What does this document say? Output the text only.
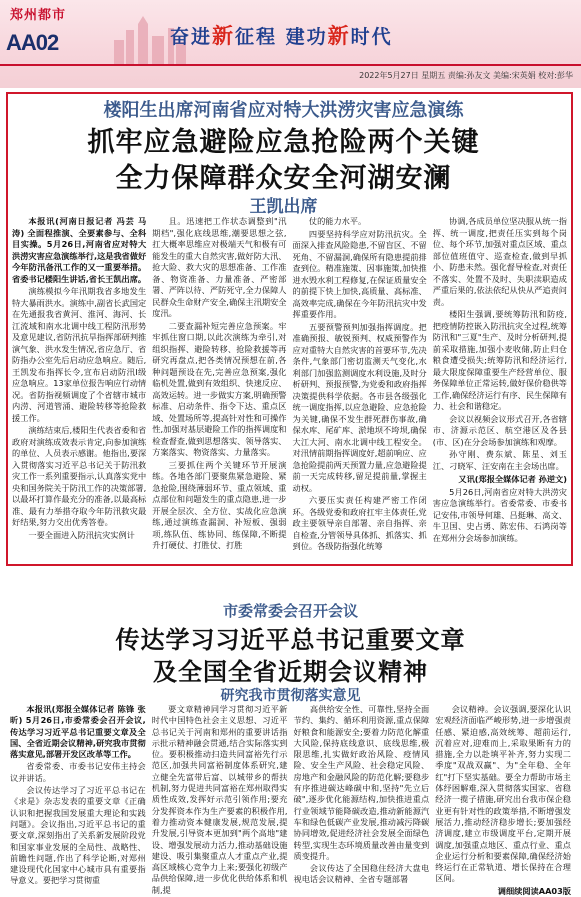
郑州都市
AA02	奋进新征程 建功新时代
2022年5月27日 星期五 责编:孙友文 美编:宋英娟 校对:彭华
楼阳生出席河南省应对特大洪涝灾害应急演练
抓牢应急避险应急抢险两个关键
全力保障群众安全河湖安澜
王凯出席

本报讯(河南日报记者 冯芸 马涛) 全面程推演、全要素参与、全科目实操。5月26日,河南省应对特大洪涝灾害应急演练举行,这是我省做好今年防汛备汛工作的又一重要举措。省委书记楼阳生讲话,省长王凯出席。

演练模拟今年汛期我省多地发生特大暴雨洪水。演练中,副省长武国定在先通报我省黄河、淮河、海河、长江流域和南水北调中线工程防汛形势及意见建议,省防汛抗旱指挥部研判推演气象、洪水发生情况,省应急厅、省防指办公室先后启动应急响应。随后,王凯发布指挥长令,宣布启动防汛Ⅰ级应急响应。13家单位报告响应行动情况。省防指视频调度了个省辖市城市内涝、河道管涌、避险转移等抢险救援工作。

演练结束后,楼阳生代表省委和省政府对演练成效表示肯定,向参加演练的单位、人员表示感谢。他指出,要深入贯彻落实习近平总书记关于防汛救灾工作一系列重要指示,认真落实党中央和国务院关于防汛工作的决策部署,以最坏打算作最充分的准备,以最高标准、最有力举措夺取今年防汛救灾最好结果,努力交出优秀答卷。

一要全面进入防汛抗灾实例计

且。迅速把工作状态调整到"汛期档",强化底线思维,潮要思想之弦,扛大概率思维应对极端天气和极有可能发生的重大自然灾害,做好防大汛、抢大险、救大灾的思想准备、工作准备、物资准备、力量准备、严密部署、严阵以待、严防死守,全力保障人民群众生命财产安全,确保主汛期安全度汛。

二要查漏补短完善应急预案。牢牢抓住窗口期,以此次演练为牵引,对组织指挥、避险转移、抢险救援等再研究再盘点,把各类情况预想在前,各种问题预设在先,完善应急预案,强化临机处置,做到有效组织、快速反应、高效运转。进一步做实方案,明确预警标准、启动条件、指令下达、重点区域、处置场所等,提高针对性和可操作性,加强对基层避险工作的指挥调度和检查督查,做到思想落实、领导落实、方案落实、物资落实、力量落实。

三要抓住两个关键环节开展演练。各地各部门要聚焦紧急避险、紧急抢险,围绕薄弱环节、重点领域、重点部位和问题发生的重点隐患,进一步开展全层次、全方位、实战化应急演练,通过演练查漏洞、补短板、强弱项,练队伍、练协同、练保障,不断提升打硬仗、打胜仗、打胜

仗的能力水平。

四要坚持科学应对防汛抗灾。全面深入排查风险隐患,不留盲区、不留死角、不留漏洞,确保所有隐患提前排查到位。精准施策、因事施策,加快推进水毁水利工程修复,在保证质量安全的前提下快上加快,高质量、高标准、高效率完成,确保在今年防汛抗灾中发挥重要作用。

五要预警预判加强指挥调度。把准确预报、敏锐预判、权威预警作为应对重特大自然灾害的首要环节,先决条件,气象部门密切监测天气变化,水利部门加强监测调度水利设施,及时分析研判、预报预警,为党委和政府指挥决策提供科学依据。各市县各级强化统一调度指挥,以应急避险、应急抢险为关键,确保不发生群死群伤事故,确保水库、尾矿库、淤地坝不垮坝,确保大江大河、南水北调中线工程安全。对汛情前期指挥调度好,超前响应、应急抢险提前两天预置力量,应急避险提前一天完成转移,留足提前量,掌握主动权。

六要压实责任构建严密工作闭环。各级党委和政府扛牢主体责任,党政主要领导亲自部署、亲自指挥、亲自检查,分管领导具体抓、抓落实、抓到位。各级防指强化统筹

协调,各成员单位坚决服从统一指挥、统一调度,把责任压实到每个岗位、每个环节,加强对重点区域、重点部位值班值守、巡查检查,做到早抓小、防患未然。强化督导检查,对责任不落实、处置不及时、失职渎职造成严重后果的,依法依纪从快从严追责问责。

楼阳生强调,要统筹防汛和防疫,把疫情防控嵌入防汛抗灾全过程,统筹防汛和"三夏"生产、及时分析研判,提前采取措施,加强小麦收储,防止归仓粮食遭受损失;统筹防汛和经济运行,最大限度保障重要生产经营单位、服务保障单位正常运转,做好保价稳供等工作,确保经济运行有序、民生保障有力、社会和谐稳定。

会议以视频会议形式召开,各省辖市、济源示范区、航空港区及各县(市、区)在分会场参加演练和观摩。

孙守刚、费东斌、陈星、刘玉江、刁晓军、汪安南在主会场出席。

又讯(郑报全媒体记者 孙逆文)

5月26日,河南省应对特大洪涝灾害应急演练举行。省委常委、市委书记安伟,市领导何雄、吕挺琳、高文、牛卫国、史占勇、陈宏伟、石鸿岗等在郑州分会场参加演练。

市委常委会召开会议
传达学习习近平总书记重要文章
及全国全省近期会议精神
研究我市贯彻落实意见

本报讯(郑报全媒体记者 陈锋 张昕) 5月26日,市委常委会召开会议,传达学习习近平总书记重要文章及全国、全省近期会议精神,研究我市贯彻落实意见,部署开发区改革等工作。

省委常委、市委书记安伟主持会议并讲话。

会议传达学习了习近平总书记在《求是》杂志发表的重要文章《正确认识和把握我国发展重大理论和实践问题》。会议指出,习近平总书记的重要文章,深刻指出了关系新发展阶段党和国家事业发展的全局性、战略性、前瞻性问题,作出了科学论断,对郑州建设现代化国家中心城市具有重要指导意义。要把学习贯彻重

要文章精神同学习贯彻习近平新时代中国特色社会主义思想、习近平总书记关于河南和郑州的重要讲话指示批示精神融会贯通,结合实际落实到位。要积极推动扫造共同富裕先行示范区,加强共同富裕制度体系研究,建立健全先富带后富、以城带乡的帮扶机制,努力促进共同富裕在郑州取得实质性成效,发挥好示范引领作用;要充分发挥资本作为生产要素的积极作用,着力推动资本健康发展,规范发展,提升发展,引导资本更加到"两个高地"建设、增强发展动力活力,推动基础设施建设、吸引集聚重点人才重点产业,提高区域核心竞争力上来;要强化初级产品供给保障,进一步优化供给体系和机制,提

高供给安全性、可靠性,坚持全面节约、集约、循环利用资源,重点保障好粮食和能源安全;要着力防范化解重大风险,保持底线意识、底线思维,极限思维,扎实做好政治风险、疫情风险、安全生产风险、社会稳定风险、房地产和金融风险的防范化解;要稳步有序推进碳达峰碳中和,坚持"先立后破",逐步优化能源结构,加快推进重点行业领域节能降碳改造,推动新能源汽车和绿色低碳产业发展,推动减污降碳协同增效,促进经济社会发展全面绿色转型,实现生态环境质量改善由量变到质变提升。

会议传达了全国稳住经济大盘电视电话会议精神、全省专题部署

会议精神。会议强调,要深化认识宏观经济面临严峻形势,进一步增强责任感、紧迫感,高效统筹、超前运行,沉着应对,迎难而上,采取果断有力的措施,全力以赴填平补齐,努力实现二季度"双战双赢"、为"全年稳、全年红"打下坚实基础。要全力帮助市场主体纾困解难,深入贯彻落实国家、省稳经济一揽子措施,研究出台我市保企稳业更有针对性的政策举措,不断增强发展活力,推动经济稳步增长;要加强经济调度,建立市级调度平台,定期开展调度,加强重点地区、重点行业、重点企业运行分析和要素保障,确保经济始终运行在正常轨道、增长保持在合理区间。

调细续阅读AA03版
